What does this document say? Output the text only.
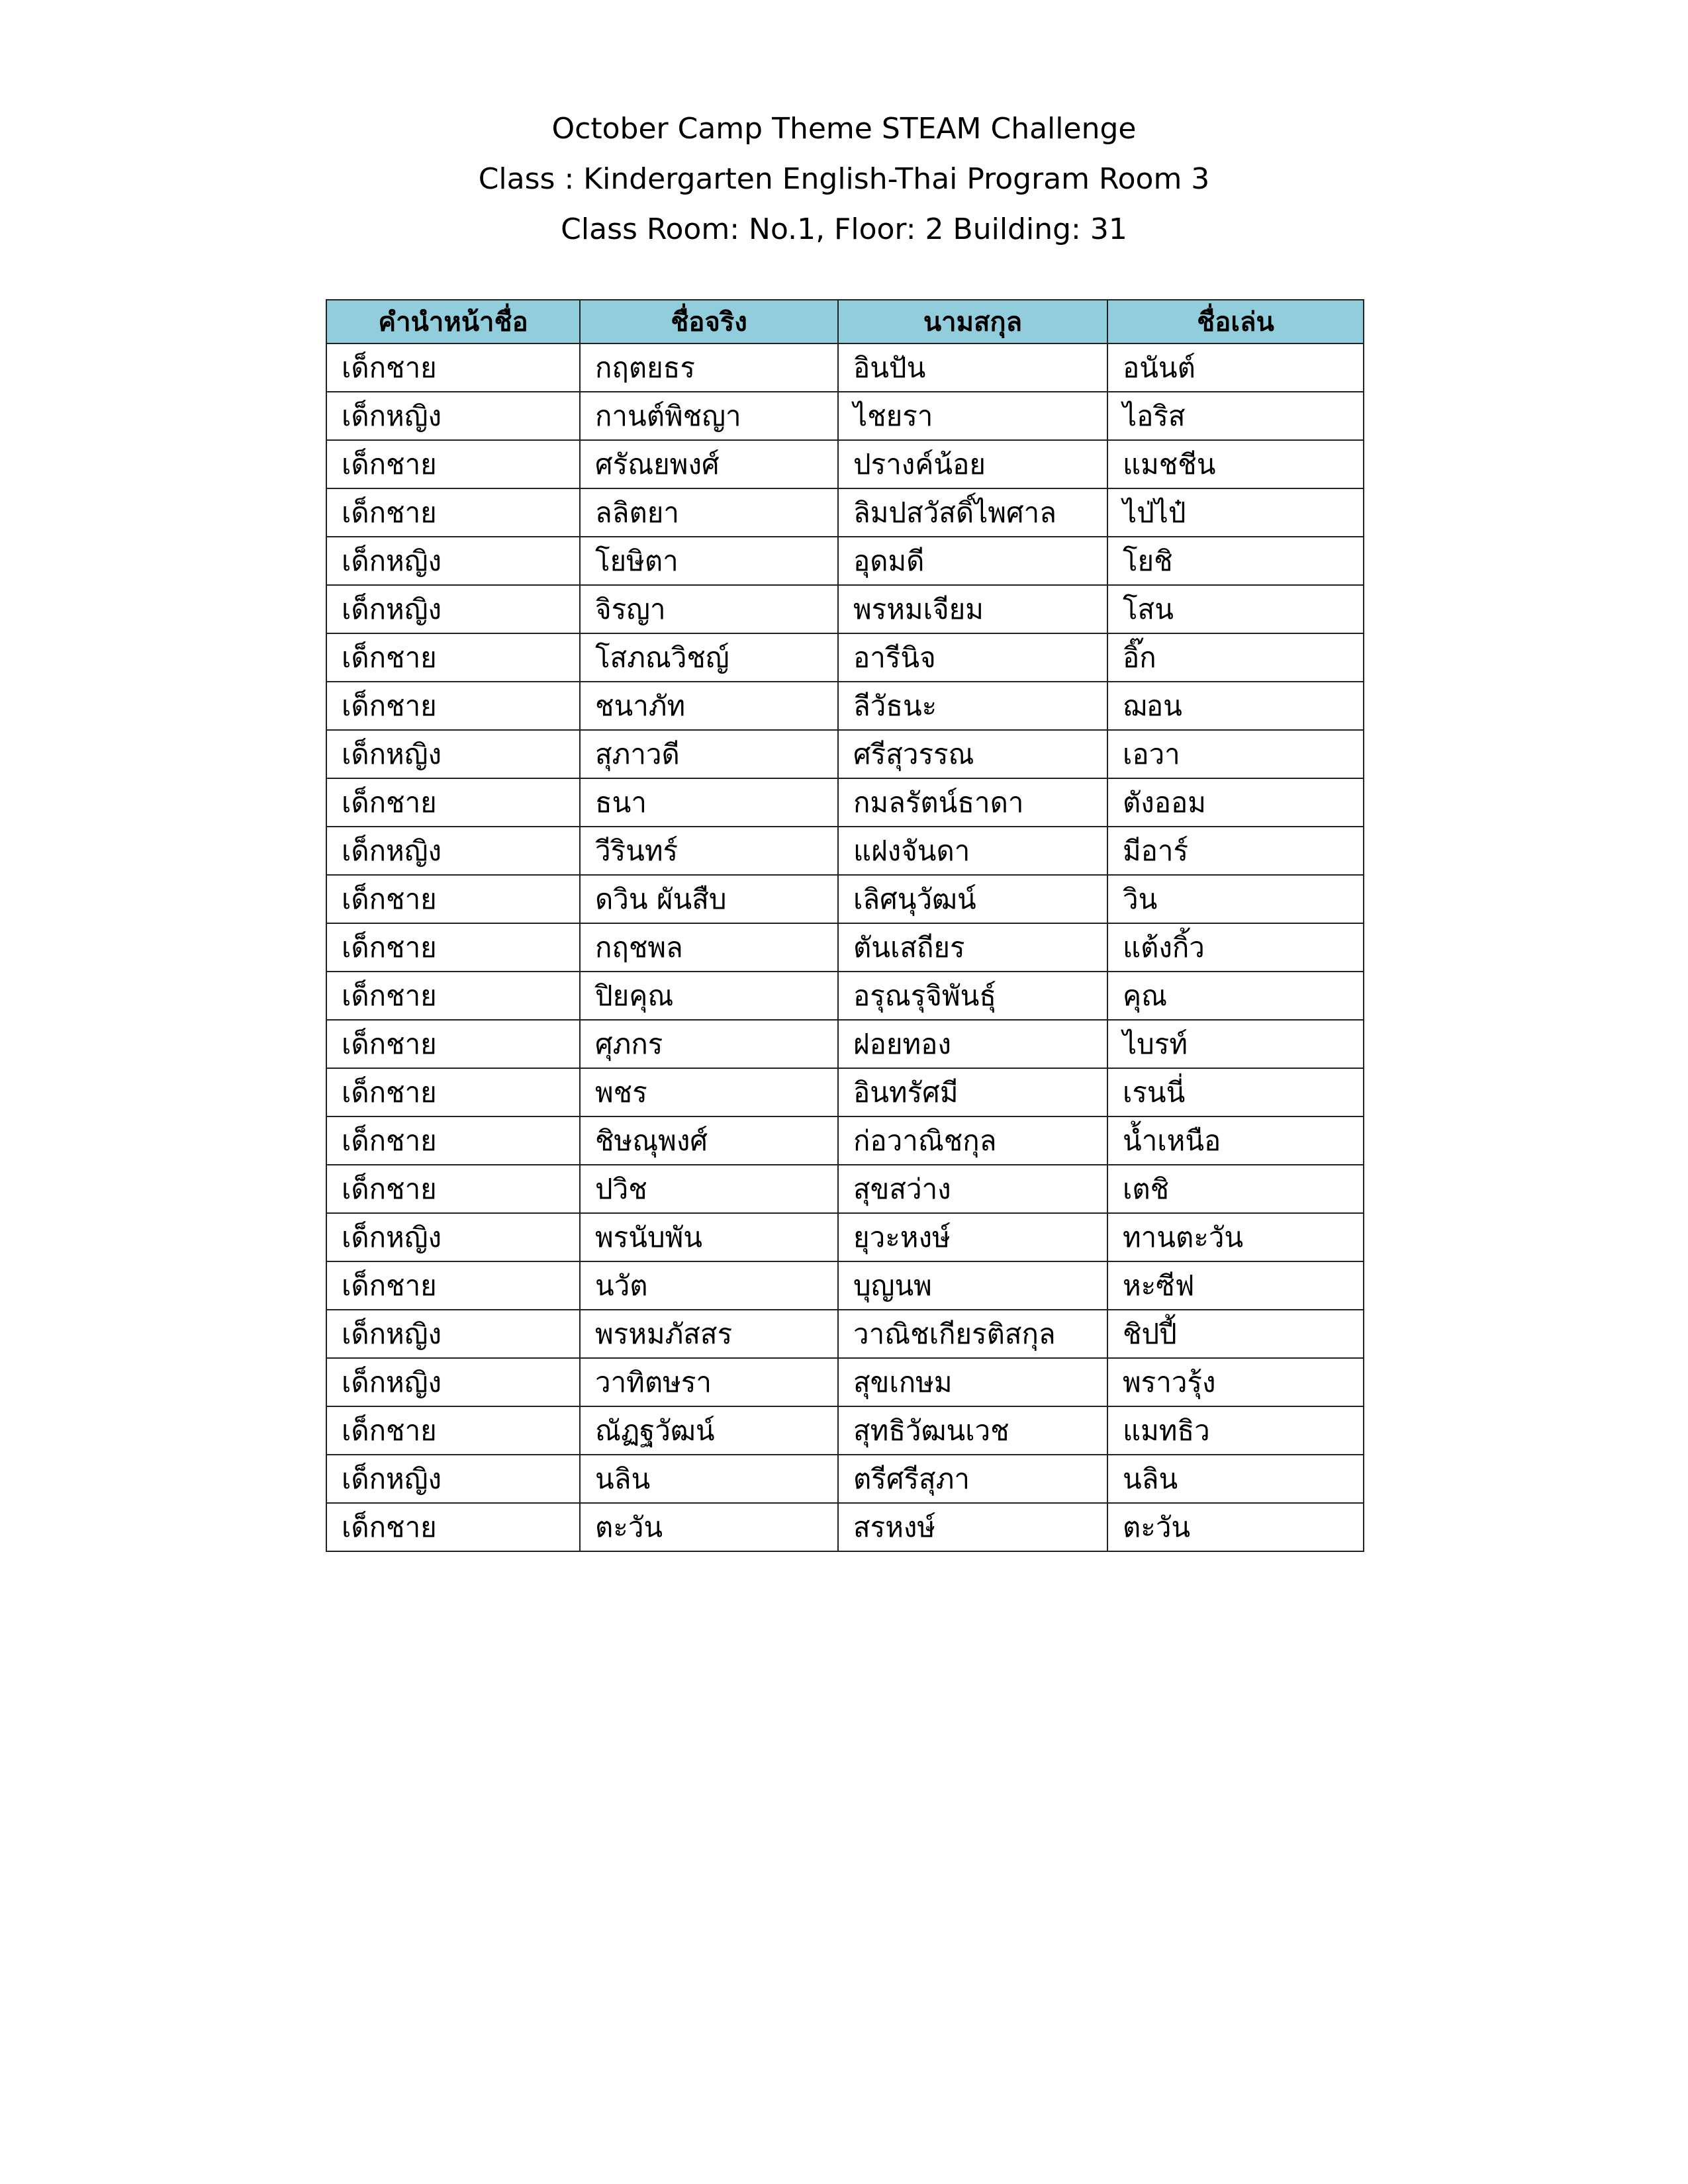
October Camp Theme STEAM Challenge
Class : Kindergarten English-Thai Program Room 3
Class Room: No.1, Floor: 2 Building: 31
คำนำหน้าชื่อ	ชื่อจริง	นามสกุล	ชื่อเล่น
เด็กชาย	กฤตยธร	อินปัน	อนันต์
เด็กหญิง	กานต์พิชญา	ไชยรา	ไอริส
เด็กชาย	ศรัณยพงศ์	ปรางค์น้อย	แมชชีน
เด็กชาย	ลลิตยา	ลิมปสวัสดิ์ไพศาล	ไป่ไป๋
เด็กหญิง	โยษิตา	อุดมดี	โยชิ
เด็กหญิง	จิรญา	พรหมเจียม	โสน
เด็กชาย	โสภณวิชญ์	อารีนิจ	อิ๊ก
เด็กชาย	ชนาภัท	ลีวัธนะ	ฌอน
เด็กหญิง	สุภาวดี	ศรีสุวรรณ	เอวา
เด็กชาย	ธนา	กมลรัตน์ธาดา	ตังออม
เด็กหญิง	วีรินทร์	แฝงจันดา	มีอาร์
เด็กชาย	ดวิน ผันสืบ	เลิศนุวัฒน์	วิน
เด็กชาย	กฤชพล	ตันเสถียร	แต้งกิ้ว
เด็กชาย	ปิยคุณ	อรุณรุจิพันธุ์	คุณ
เด็กชาย	ศุภกร	ฝอยทอง	ไบรท์
เด็กชาย	พชร	อินทรัศมี	เรนนี่
เด็กชาย	ชิษณุพงศ์	ก่อวาณิชกุล	น้ำเหนือ
เด็กชาย	ปวิช	สุขสว่าง	เตชิ
เด็กหญิง	พรนับพัน	ยุวะหงษ์	ทานตะวัน
เด็กชาย	นวัต	บุญนพ	หะซีฟ
เด็กหญิง	พรหมภัสสร	วาณิชเกียรติสกุล	ชิปปี้
เด็กหญิง	วาทิตษรา	สุขเกษม	พราวรุ้ง
เด็กชาย	ณัฏฐวัฒน์	สุทธิวัฒนเวช	แมทธิว
เด็กหญิง	นลิน	ตรีศรีสุภา	นลิน
เด็กชาย	ตะวัน	สรหงษ์	ตะวัน
